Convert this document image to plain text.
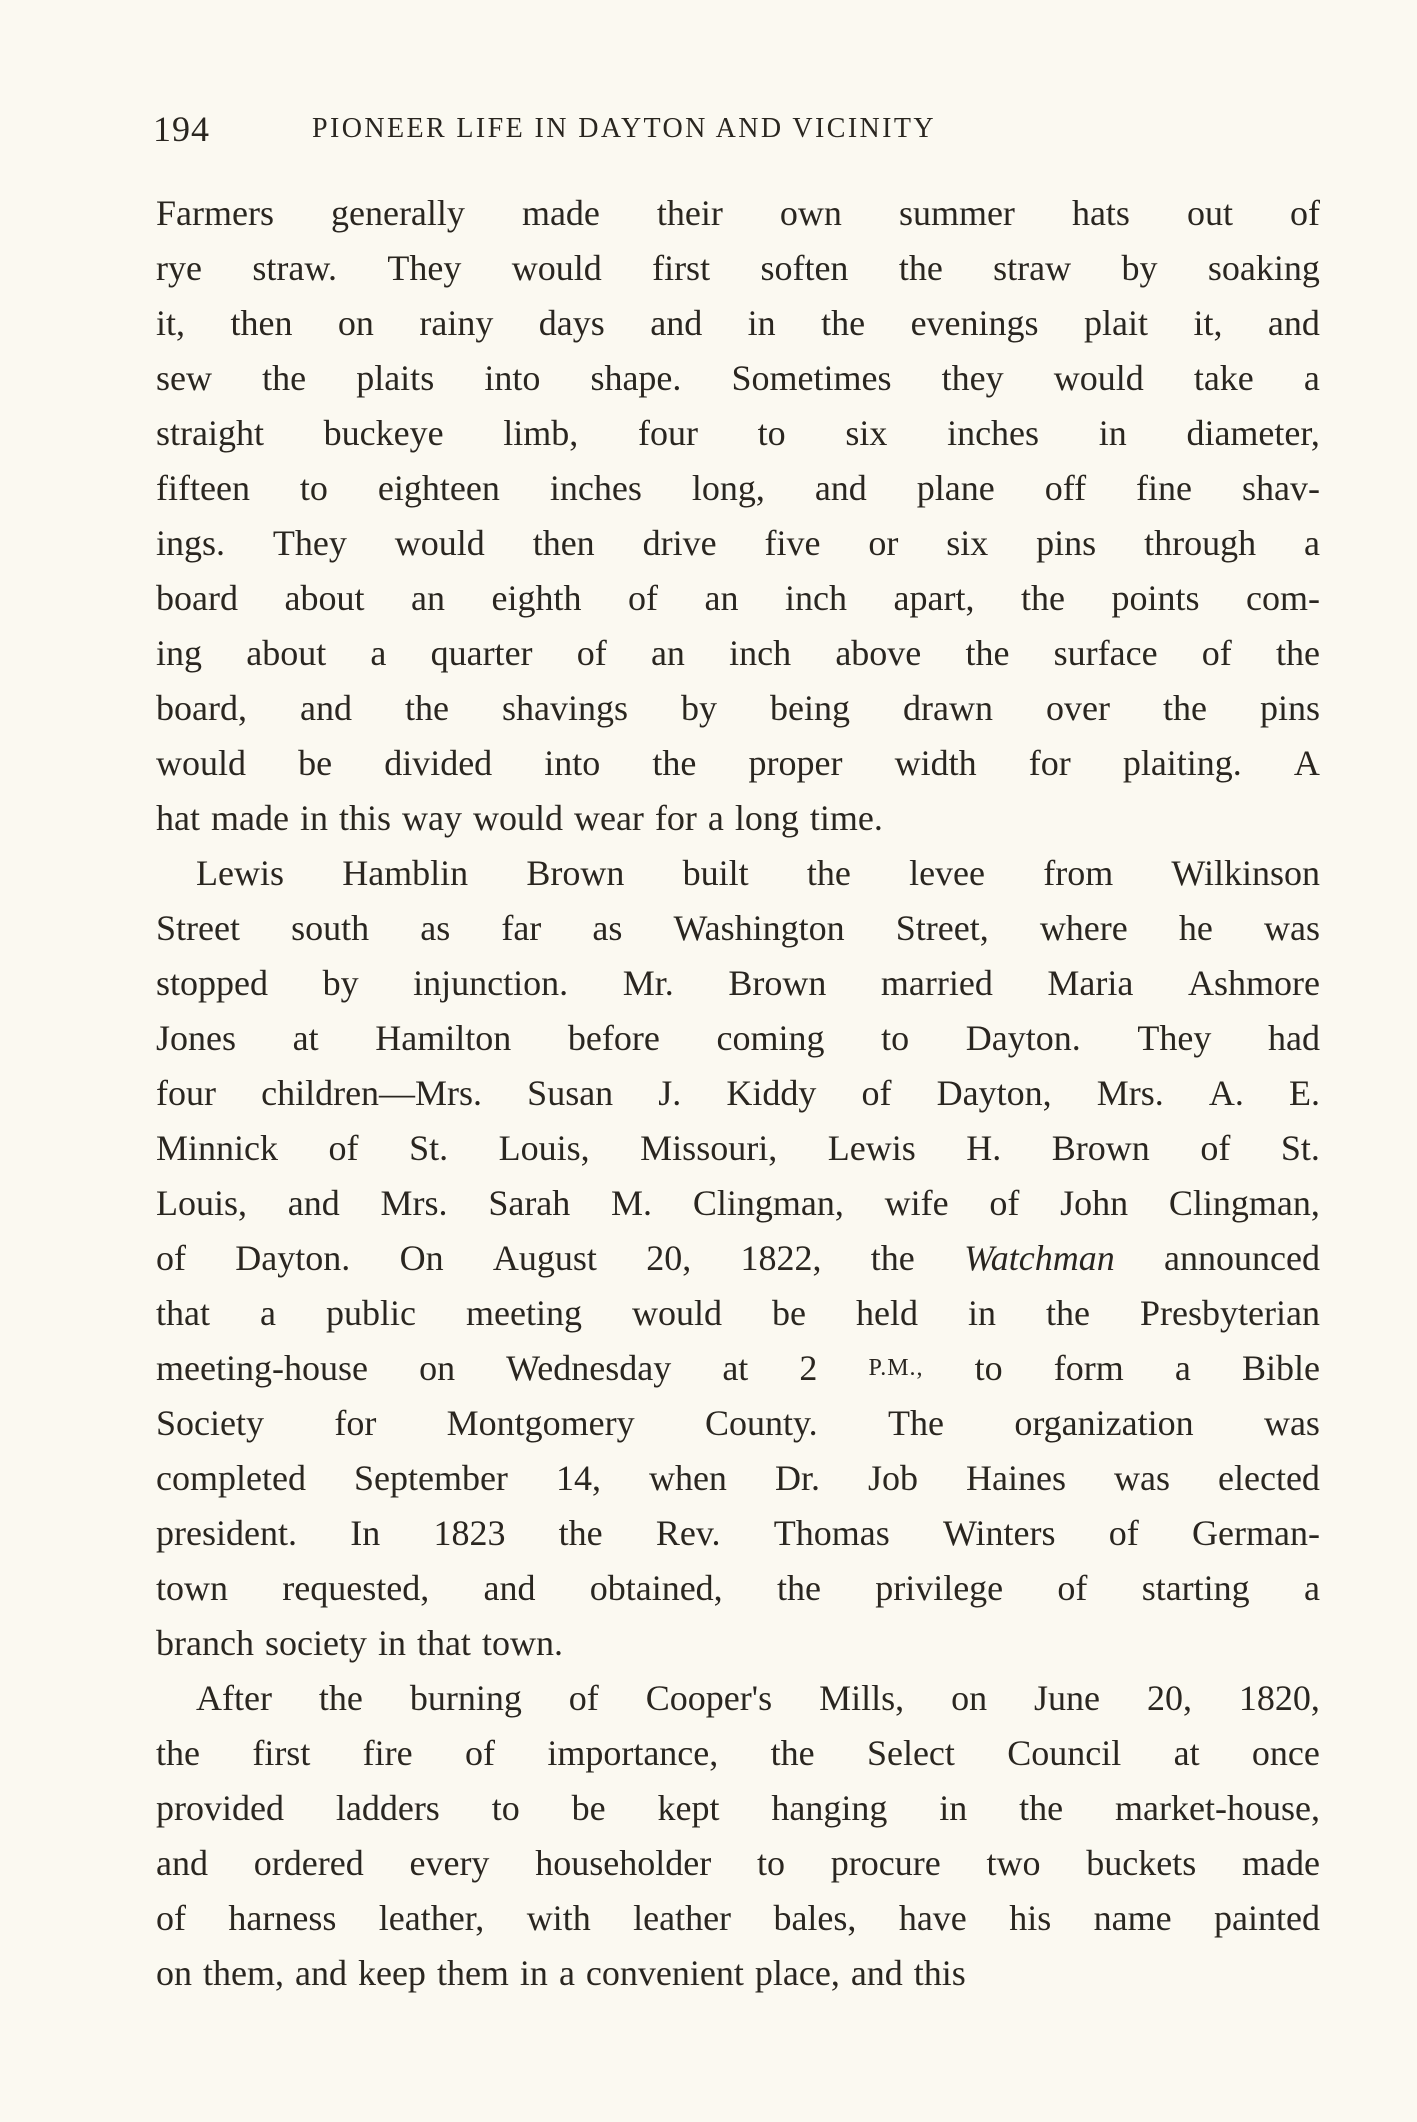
194	PIONEER LIFE IN DAYTON AND VICINITY
Farmers generally made their own summer hats out of
rye straw. They would first soften the straw by soaking
it, then on rainy days and in the evenings plait it, and
sew the plaits into shape. Sometimes they would take a
straight buckeye limb, four to six inches in diameter,
fifteen to eighteen inches long, and plane off fine shav-
ings. They would then drive five or six pins through a
board about an eighth of an inch apart, the points com-
ing about a quarter of an inch above the surface of the
board, and the shavings by being drawn over the pins
would be divided into the proper width for plaiting. A
hat made in this way would wear for a long time.
Lewis Hamblin Brown built the levee from Wilkinson
Street south as far as Washington Street, where he was
stopped by injunction. Mr. Brown married Maria Ashmore
Jones at Hamilton before coming to Dayton. They had
four children—Mrs. Susan J. Kiddy of Dayton, Mrs. A. E.
Minnick of St. Louis, Missouri, Lewis H. Brown of St.
Louis, and Mrs. Sarah M. Clingman, wife of John Clingman,
of Dayton. On August 20, 1822, the Watchman announced
that a public meeting would be held in the Presbyterian
meeting-house on Wednesday at 2 P.M., to form a Bible
Society for Montgomery County. The organization was
completed September 14, when Dr. Job Haines was elected
president. In 1823 the Rev. Thomas Winters of German-
town requested, and obtained, the privilege of starting a
branch society in that town.
After the burning of Cooper's Mills, on June 20, 1820,
the first fire of importance, the Select Council at once
provided ladders to be kept hanging in the market-house,
and ordered every householder to procure two buckets made
of harness leather, with leather bales, have his name painted
on them, and keep them in a convenient place, and this
